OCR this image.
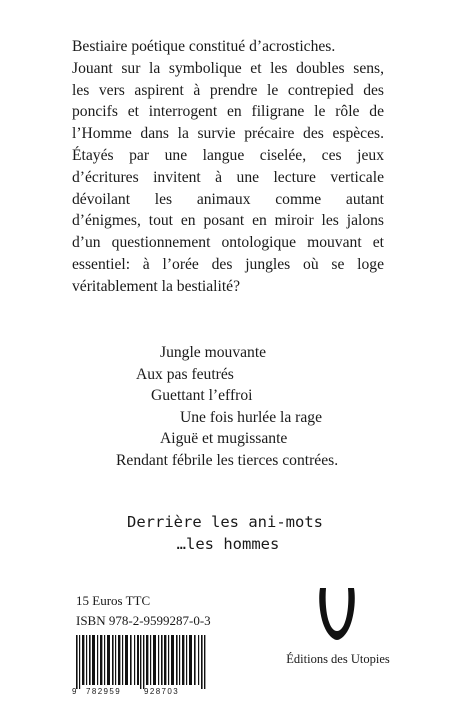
Bestiaire poétique constitué d’acrostiches.
Jouant sur la symbolique et les doubles sens,
les vers aspirent à prendre le contrepied des
poncifs et interrogent en filigrane le rôle de
l’Homme dans la survie précaire des espèces.
Étayés par une langue ciselée, ces jeux
d’écritures invitent à une lecture verticale
dévoilant les animaux comme autant
d’énigmes, tout en posant en miroir les jalons
d’un questionnement ontologique mouvant et
essentiel: à l’orée des jungles où se loge
véritablement la bestialité?
Jungle mouvante
Aux pas feutrés
Guettant l’effroi
Une fois hurlée la rage
Aiguë et mugissante
Rendant fébrile les tierces contrées.
Derrière les ani-mots
…les hommes
15 Euros TTC
ISBN 978-2-9599287-0-3
9 782959	928703
Éditions des Utopies
